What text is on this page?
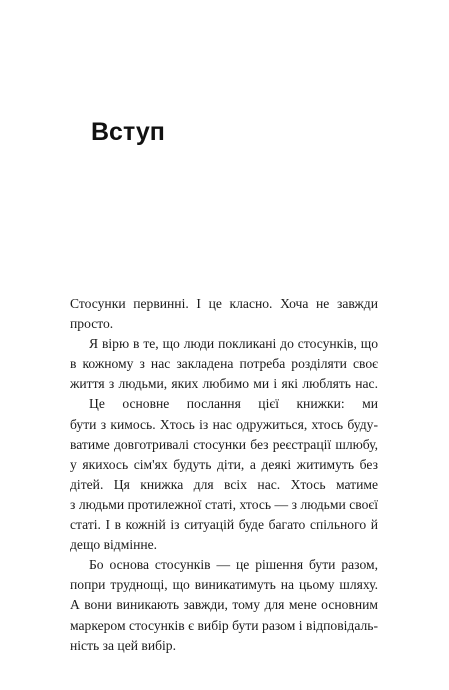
Вступ
Стосунки первинні. І це класно. Хоча не завжди
просто.
Я вірю в те, що люди покликані до стосунків, що
в кожному з нас закладена потреба розділяти своє
життя з людьми, яких любимо ми і які люблять нас.
Це основне послання цієї книжки: ми
бути з кимось. Хтось із нас одружиться, хтось буду-
ватиме довготривалі стосунки без реєстрації шлюбу,
у якихось сім'ях будуть діти, а деякі житимуть без
дітей. Ця книжка для всіх нас. Хтось матиме
з людьми протилежної статі, хтось — з людьми своєї
статі. І в кожній із ситуацій буде багато спільного й
дещо відмінне.
Бо основа стосунків — це рішення бути разом,
попри труднощі, що виникатимуть на цьому шляху.
А вони виникають завжди, тому для мене основним
маркером стосунків є вибір бути разом і відповідаль-
ність за цей вибір.
